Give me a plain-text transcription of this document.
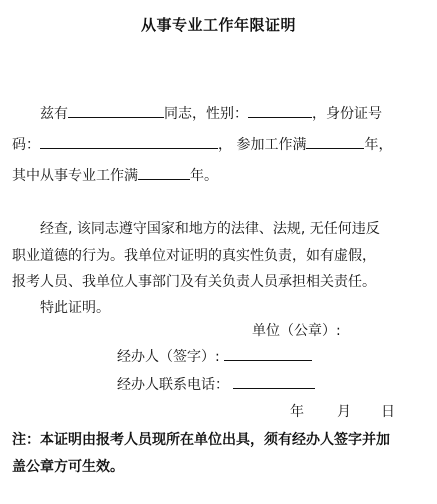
从事专业工作年限证明
兹有	同志，性别：	，身份证号
码：	， 参加工作满	年，
其中从事专业工作满	年。
经查, 该同志遵守国家和地方的法律、法规, 无任何违反
职业道德的行为。我单位对证明的真实性负责，如有虚假，
报考人员、我单位人事部门及有关负责人员承担相关责任。
特此证明。
单位（公章）:
经办人（签字）:
经办人联系电话：
年 月 日
注：本证明由报考人员现所在单位出具，须有经办人签字并加
盖公章方可生效。
